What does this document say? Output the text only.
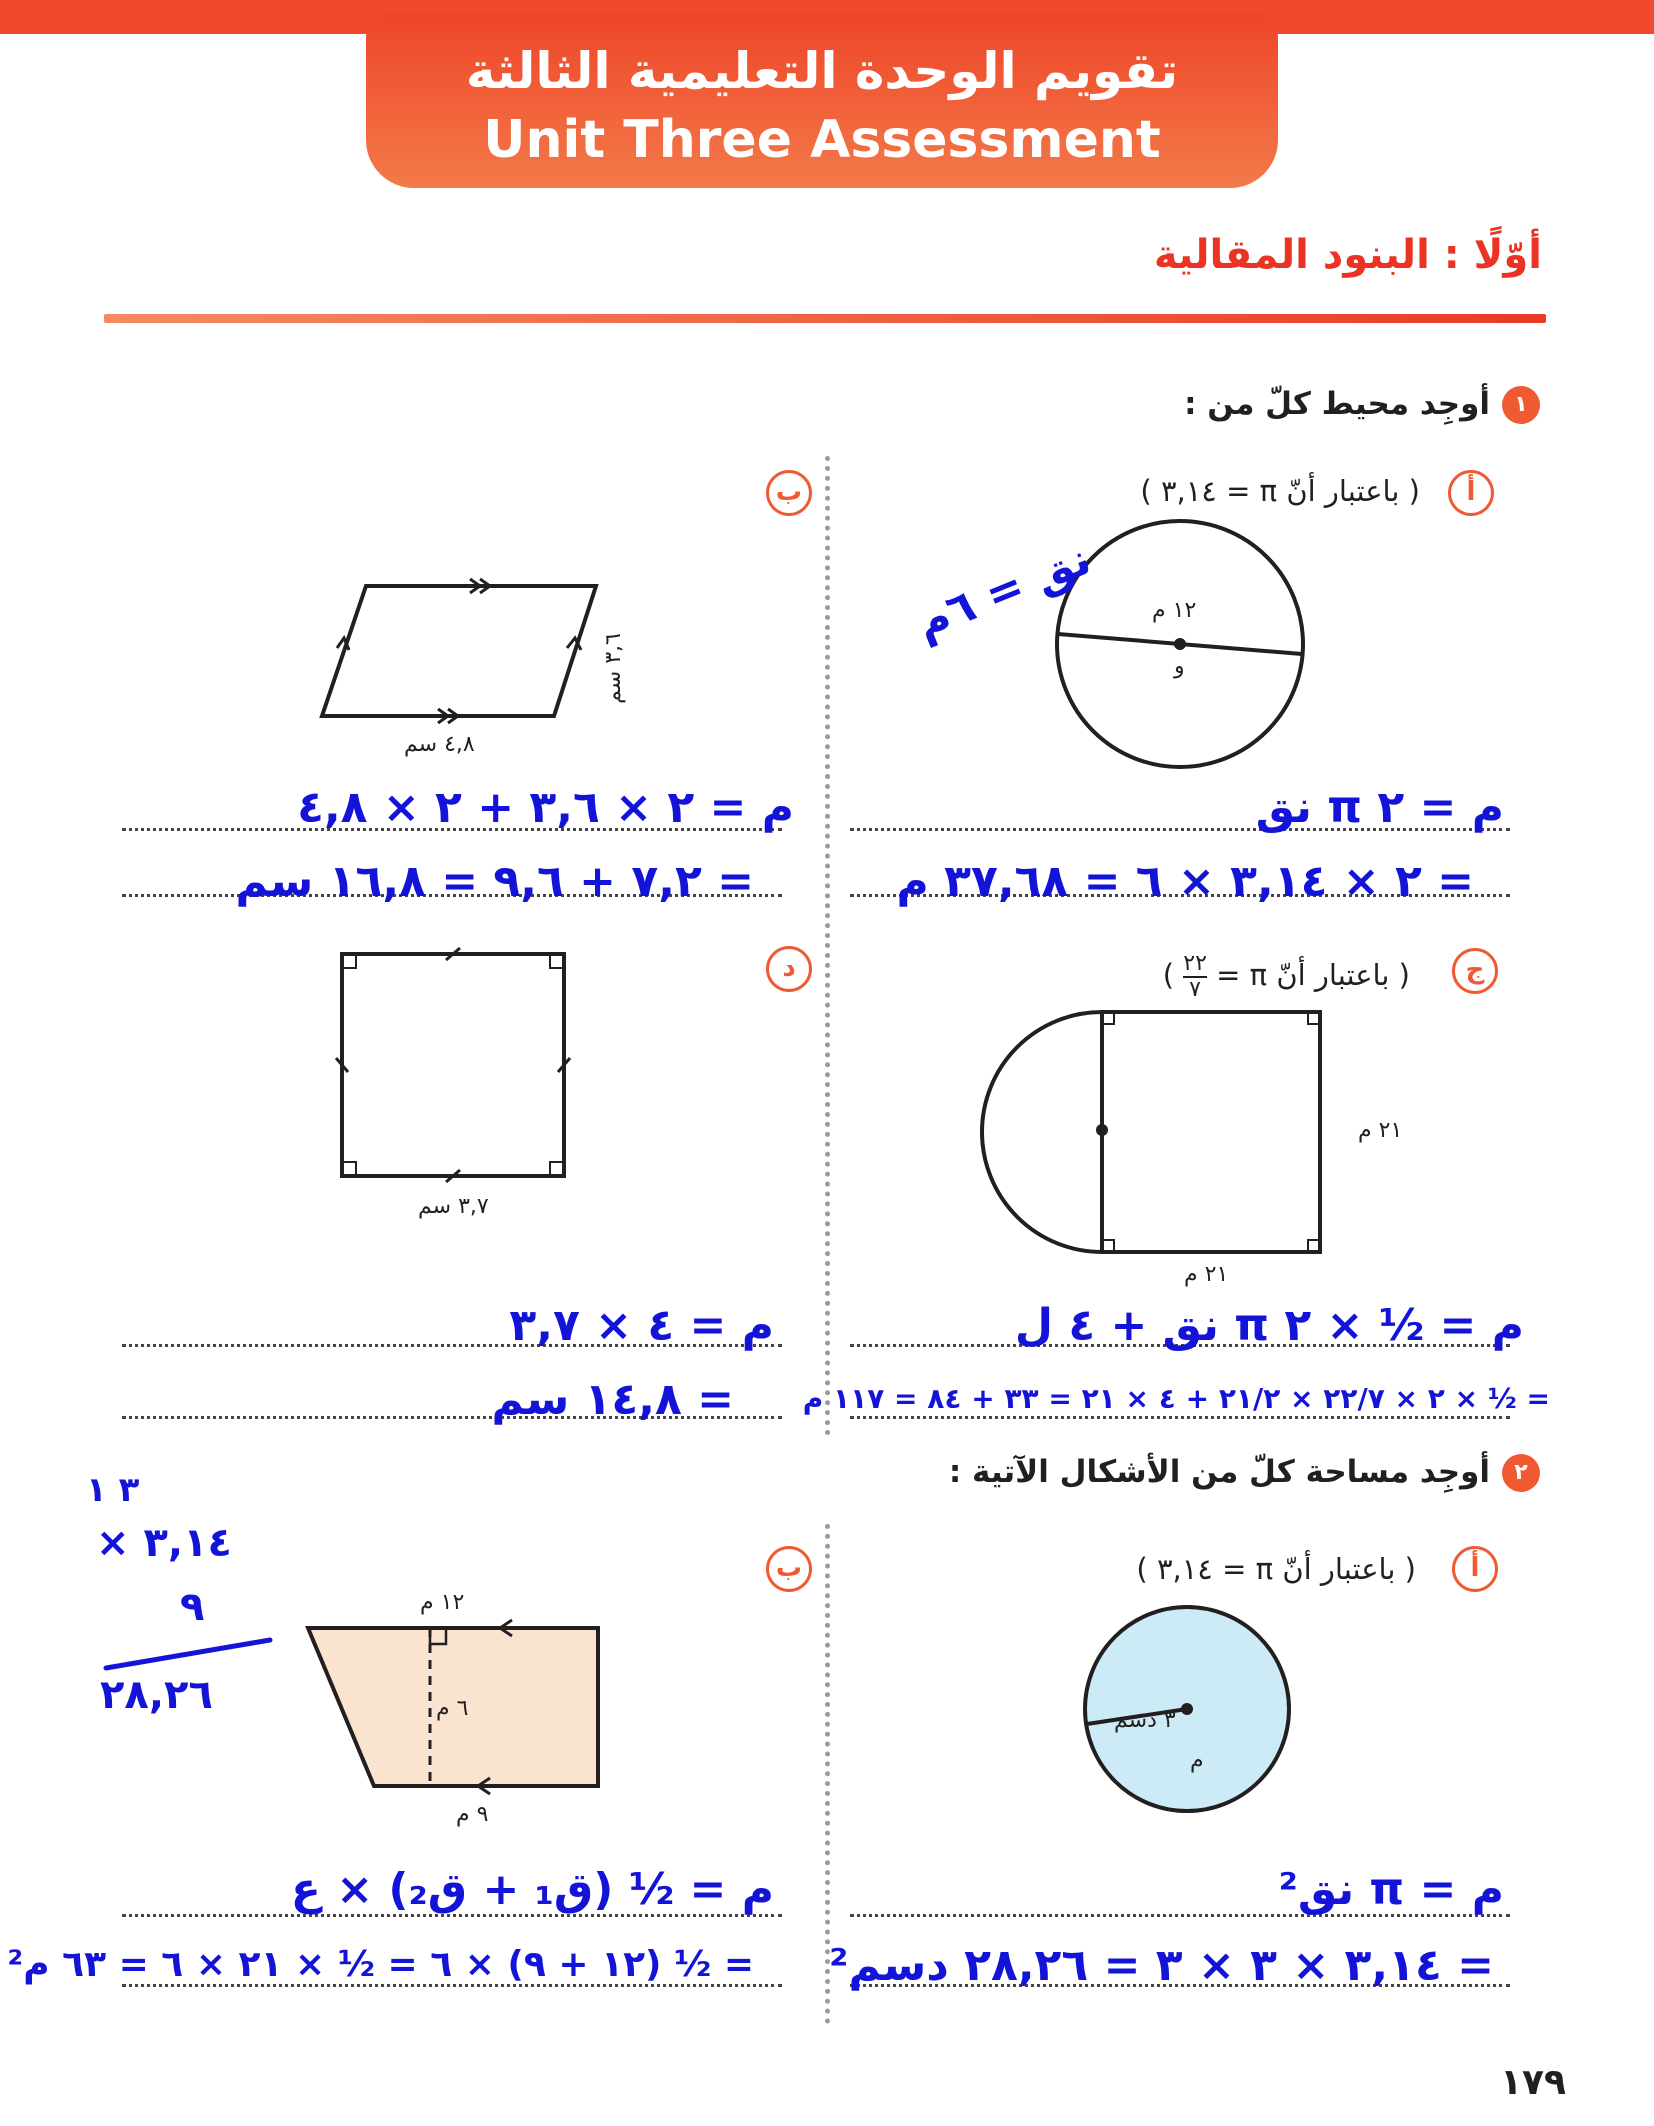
تقويم الوحدة التعليمية الثالثة
Unit Three Assessment
أوّلًا : البنود المقالية
١
أوجِد محيط كلّ من :
أ
( باعتبار أنّ π = ٣,١٤ )
١٢ م
و
نق = ٦م
م = ٢ π نق
= ٢ × ٣,١٤ × ٦ = ٣٧,٦٨ م
ب
٤,٨ سم
٣,٦ سم
م = ٢ × ٣,٦ + ٢ × ٤,٨
= ٧,٢ + ٩,٦ = ١٦,٨ سم
ج
( باعتبار أنّ π =
٢٢
٧
)
٢١ م
٢١ م
م = ½ × ٢ π نق + ٤ ل
= ½ × ٢ × ٢٢/٧ × ٢١/٢ + ٤ × ٢١ = ٣٣ + ٨٤ = ١١٧ م
د
٣,٧ سم
م = ٤ × ٣,٧
= ١٤,٨ سم
٢
أوجِد مساحة كلّ من الأشكال الآتية :
أ
( باعتبار أنّ π = ٣,١٤ )
٣ دسم
م
م = π نق²
= ٣,١٤ × ٣ × ٣ = ٢٨,٢٦ دسم²
ب
١٢ م
٦ م
٩ م
م = ½ (ق₁ + ق₂) × ع
= ½ (١٢ + ٩) × ٦ = ½ × ٢١ × ٦ = ٦٣ م²
٣ ١
٣,١٤ ×
٩
٢٨,٢٦
١٧٩
